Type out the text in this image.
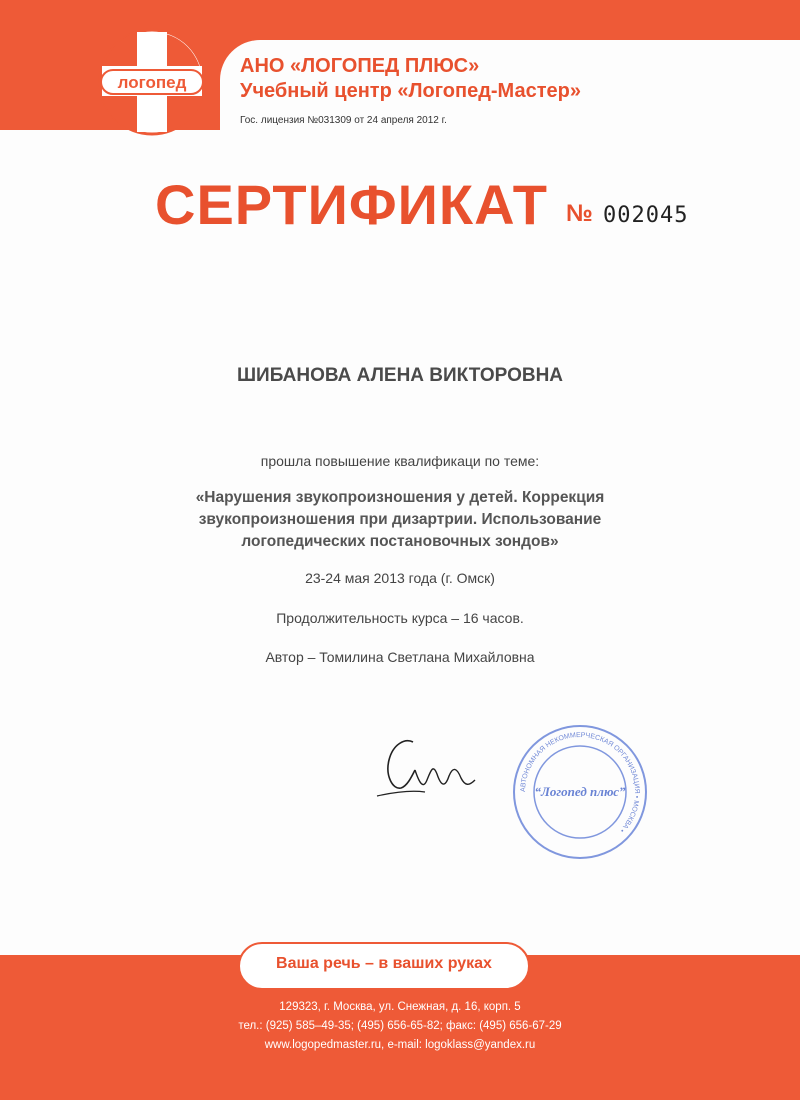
логопед
АНО «ЛОГОПЕД ПЛЮС»
Учебный центр «Логопед-Мастер»
Гос. лицензия №031309 от 24 апреля 2012 г.
СЕРТИФИКАТ № 002045
ШИБАНОВА АЛЕНА ВИКТОРОВНА
прошла повышение квалификаци по теме:
«Нарушения звукопроизношения у детей. Коррекция
звукопроизношения при дизартрии. Использование
логопедических постановочных зондов»
23-24 мая 2013 года (г. Омск)
Продолжительность курса – 16 часов.
Автор – Томилина Светлана Михайловна
АВТОНОМНАЯ НЕКОММЕРЧЕСКАЯ ОРГАНИЗАЦИЯ • МОСКВА •
“Логопед плюс”
Ваша речь – в ваших руках
129323, г. Москва, ул. Снежная, д. 16, корп. 5
тел.: (925) 585–49-35; (495) 656-65-82; факс: (495) 656-67-29
www.logopedmaster.ru, e-mail: logoklass@yandex.ru
